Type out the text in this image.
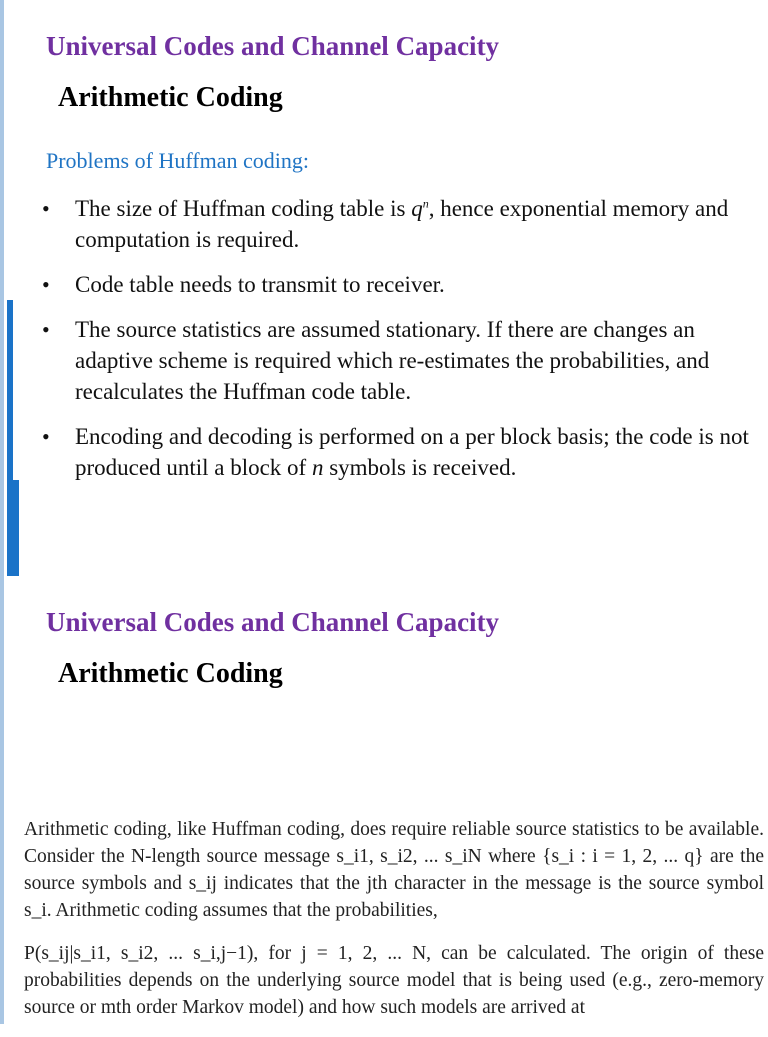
Universal Codes and Channel Capacity
Arithmetic Coding
Problems of Huffman coding:
• The size of Huffman coding table is $q^n$, hence exponential memory and computation is required.
• Code table needs to transmit to receiver.
• The source statistics are assumed stationary. If there are changes an adaptive scheme is required which re-estimates the probabilities, and recalculates the Huffman code table.
• Encoding and decoding is performed on a per block basis; the code is not produced until a block of n symbols is received.
Universal Codes and Channel Capacity
Arithmetic Coding

Arithmetic coding, like Huffman coding, does require reliable source statistics to be available. Consider the N-length source message s_i1, s_i2, ... s_iN where {s_i : i = 1, 2, ... q} are the source symbols and s_ij indicates that the jth character in the message is the source symbol s_i. Arithmetic coding assumes that the probabilities,

P(s_ij|s_i1, s_i2, ... s_i,j−1), for j = 1, 2, ... N, can be calculated. The origin of these probabilities depends on the underlying source model that is being used (e.g., zero-memory source or mth order Markov model) and how such models are arrived at
